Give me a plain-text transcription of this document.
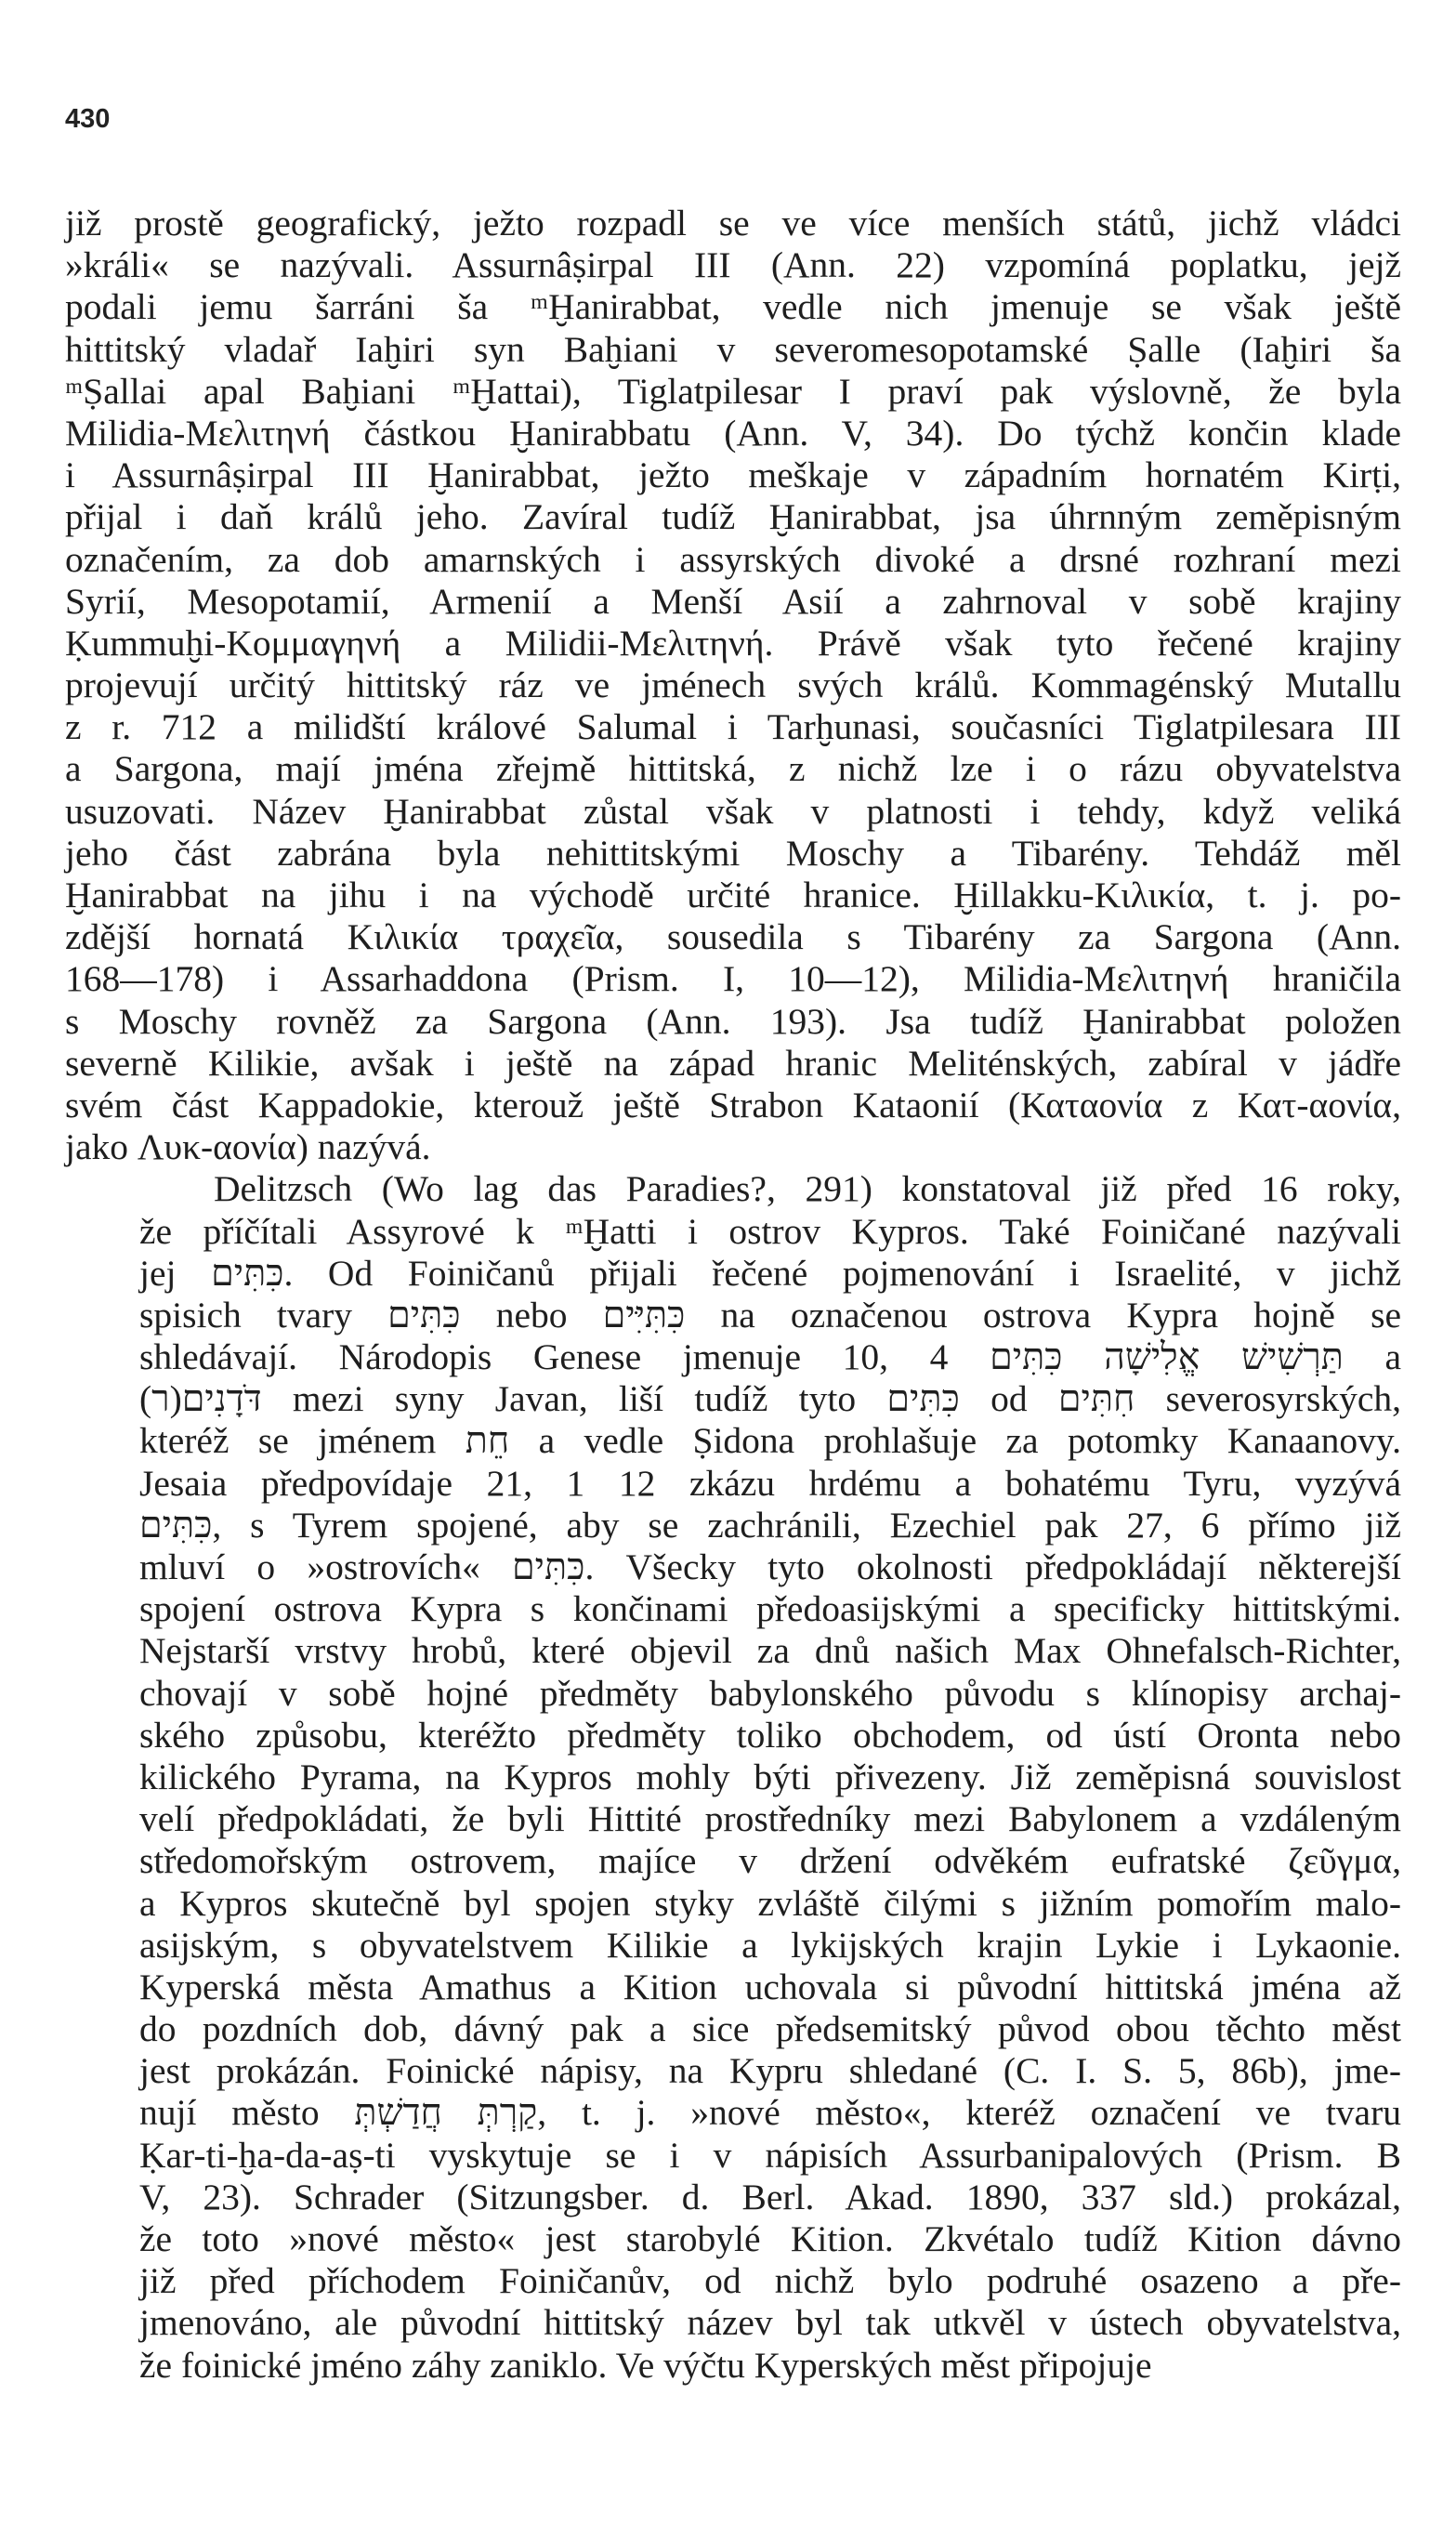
430
již prostě geografický, ježto rozpadl se ve více menších států, jichž vládci
»králi« se nazývali. Assurnâṣirpal III (Ann. 22) vzpomíná poplatku, jejž
podali jemu šarráni ša ᵐḪanirabbat, vedle nich jmenuje se však ještě
hittitský vladař Iaḫiri syn Baḫiani v severomesopotamské Ṣalle (Iaḫiri ša
ᵐṢallai apal Baḫiani ᵐḪattai), Tiglatpilesar I praví pak výslovně, že byla
Milidia-Μελιτηνή částkou Ḫanirabbatu (Ann. V, 34). Do týchž končin klade
i Assurnâṣirpal III Ḫanirabbat, ježto meškaje v západním hornatém Kirṭi,
přijal i daň králů jeho. Zavíral tudíž Ḫanirabbat, jsa úhrnným zeměpisným
označením, za dob amarnských i assyrských divoké a drsné rozhraní mezi
Syrií, Mesopotamií, Armenií a Menší Asií a zahrnoval v sobě krajiny
Ḳummuḫi-Κομμαγηνή a Milidii-Μελιτηνή. Právě však tyto řečené krajiny
projevují určitý hittitský ráz ve jménech svých králů. Kommagénský Mutallu
z r. 712 a milidští králové Salumal i Tarḫunasi, současníci Tiglatpilesara III
a Sargona, mají jména zřejmě hittitská, z nichž lze i o rázu obyvatelstva
usuzovati. Název Ḫanirabbat zůstal však v platnosti i tehdy, když veliká
jeho část zabrána byla nehittitskými Moschy a Tibarény. Tehdáž měl
Ḫanirabbat na jihu i na východě určité hranice. Ḫillakku-Κιλικία, t. j. po-
zdější hornatá Κιλικία τραχεῖα, sousedila s Tibarény za Sargona (Ann.
168—178) i Assarhaddona (Prism. I, 10—12), Milidia-Μελιτηνή hraničila
s Moschy rovněž za Sargona (Ann. 193). Jsa tudíž Ḫanirabbat položen
severně Kilikie, avšak i ještě na západ hranic Meliténských, zabíral v jádře
svém část Kappadokie, kterouž ještě Strabon Kataonií (Καταονία z Κατ-αονία,
jako Λυκ-αονία) nazývá.
Delitzsch (Wo lag das Paradies?, 291) konstatoval již před 16 roky,
že příčítali Assyrové k ᵐḪatti i ostrov Kypros. Také Foiničané nazývali
jej כִּתִּים. Od Foiničanů přijali řečené pojmenování i Israelité, v jichž
spisich tvary כִּתִּים nebo כִּתִּיִּים na označenou ostrova Kypra hojně se
shledávají. Národopis Genese jmenuje 10, 4 תַּרְשִׁישׁ אֱלִישָׁה כִּתִּים a
(ר)דֹּדָנִים mezi syny Javan, liší tudíž tyto כִּתִּים od חִתִּים severosyrských,
kteréž se jménem חֵת a vedle Ṣidona prohlašuje za potomky Kanaanovy.
Jesaia předpovídaje 21, 1 12 zkázu hrdému a bohatému Tyru, vyzývá
כִּתִּים, s Tyrem spojené, aby se zachránili, Ezechiel pak 27, 6 přímo již
mluví o »ostrovích« כִּתִּים. Všecky tyto okolnosti předpokládají některejší
spojení ostrova Kypra s končinami předoasijskými a specificky hittitskými.
Nejstarší vrstvy hrobů, které objevil za dnů našich Max Ohnefalsch-Richter,
chovají v sobě hojné předměty babylonského původu s klínopisy archaj-
ského způsobu, kteréžto předměty toliko obchodem, od ústí Oronta nebo
kilického Pyrama, na Kypros mohly býti přivezeny. Již zeměpisná souvislost
velí předpokládati, že byli Hittité prostředníky mezi Babylonem a vzdáleným
středomořským ostrovem, majíce v držení odvěkém eufratské ζεῦγμα,
a Kypros skutečně byl spojen styky zvláště čilými s jižním pomořím malo-
asijským, s obyvatelstvem Kilikie a lykijských krajin Lykie i Lykaonie.
Kyperská města Amathus a Kition uchovala si původní hittitská jména až
do pozdních dob, dávný pak a sice předsemitský původ obou těchto měst
jest prokázán. Foinické nápisy, na Kypru shledané (C. I. S. 5, 86b), jme-
nují město קַרְתְּ חֲדַשְׁתְּ, t. j. »nové město«, kteréž označení ve tvaru
Ḳar-ti-ḫa-da-aṣ-ti vyskytuje se i v nápisích Assurbanipalových (Prism. B
V, 23). Schrader (Sitzungsber. d. Berl. Akad. 1890, 337 sld.) prokázal,
že toto »nové město« jest starobylé Kition. Zkvétalo tudíž Kition dávno
již před příchodem Foiničanův, od nichž bylo podruhé osazeno a pře-
jmenováno, ale původní hittitský název byl tak utkvěl v ústech obyvatelstva,
že foinické jméno záhy zaniklo. Ve výčtu Kyperských měst připojuje
